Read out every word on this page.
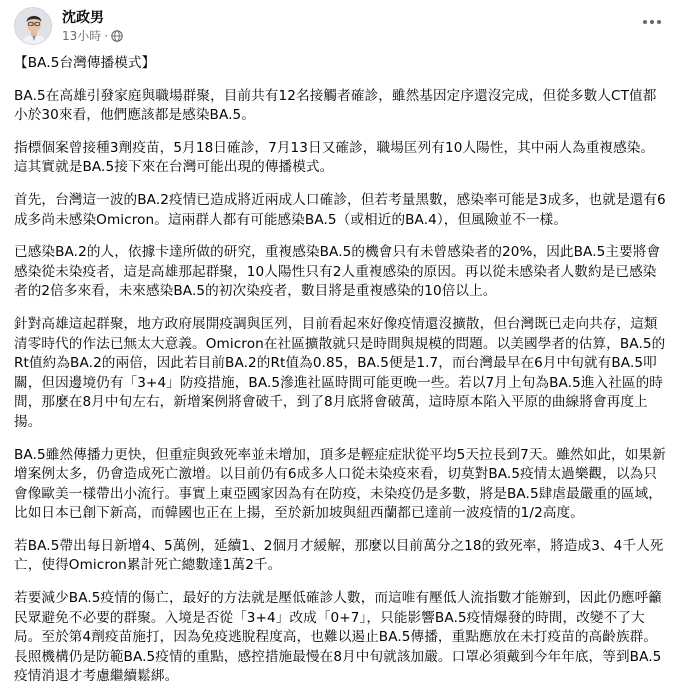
沈政男
13小時 ·

【BA.5台灣傳播模式】

BA.5在高雄引發家庭與職場群聚，目前共有12名接觸者確診，雖然基因定序還沒完成，但從多數人CT值都小於30來看，他們應該都是感染BA.5。

指標個案曾接種3劑疫苗，5月18日確診，7月13日又確診，職場匡列有10人陽性，其中兩人為重複感染。這其實就是BA.5接下來在台灣可能出現的傳播模式。

首先，台灣這一波的BA.2疫情已造成將近兩成人口確診，但若考量黑數，感染率可能是3成多，也就是還有6成多尚未感染Omicron。這兩群人都有可能感染BA.5（或相近的BA.4），但風險並不一樣。

已感染BA.2的人，依據卡達所做的研究，重複感染BA.5的機會只有未曾感染者的20%，因此BA.5主要將會感染從未染疫者，這是高雄那起群聚，10人陽性只有2人重複感染的原因。再以從未感染者人數約是已感染者的2倍多來看，未來感染BA.5的初次染疫者，數目將是重複感染的10倍以上。

針對高雄這起群聚，地方政府展開疫調與匡列，目前看起來好像疫情還沒擴散，但台灣既已走向共存，這類清零時代的作法已無太大意義。Omicron在社區擴散就只是時間與規模的問題。以美國學者的估算，BA.5的Rt值約為BA.2的兩倍，因此若目前BA.2的Rt值為0.85，BA.5便是1.7，而台灣最早在6月中旬就有BA.5叩關，但因邊境仍有「3+4」防疫措施，BA.5滲進社區時間可能更晚一些。若以7月上旬為BA.5進入社區的時間，那麼在8月中旬左右，新增案例將會破千，到了8月底將會破萬，這時原本陷入平原的曲線將會再度上揚。

BA.5雖然傳播力更快，但重症與致死率並未增加，頂多是輕症症狀從平均5天拉長到7天。雖然如此，如果新增案例太多，仍會造成死亡激增。以目前仍有6成多人口從未染疫來看，切莫對BA.5疫情太過樂觀，以為只會像歐美一樣帶出小流行。事實上東亞國家因為有在防疫，未染疫仍是多數，將是BA.5肆虐最嚴重的區域，比如日本已創下新高，而韓國也正在上揚，至於新加坡與紐西蘭都已達前一波疫情的1/2高度。

若BA.5帶出每日新增4、5萬例，延續1、2個月才緩解，那麼以目前萬分之18的致死率，將造成3、4千人死亡，使得Omicron累計死亡總數達1萬2千。

若要減少BA.5疫情的傷亡，最好的方法就是壓低確診人數，而這唯有壓低人流指數才能辦到，因此仍應呼籲民眾避免不必要的群聚。入境是否從「3+4」改成「0+7」，只能影響BA.5疫情爆發的時間，改變不了大局。至於第4劑疫苗施打，因為免疫逃脫程度高，也難以遏止BA.5傳播，重點應放在未打疫苗的高齡族群。長照機構仍是防範BA.5疫情的重點，感控措施最慢在8月中旬就該加嚴。口罩必須戴到今年年底，等到BA.5疫情消退才考慮繼續鬆綁。
